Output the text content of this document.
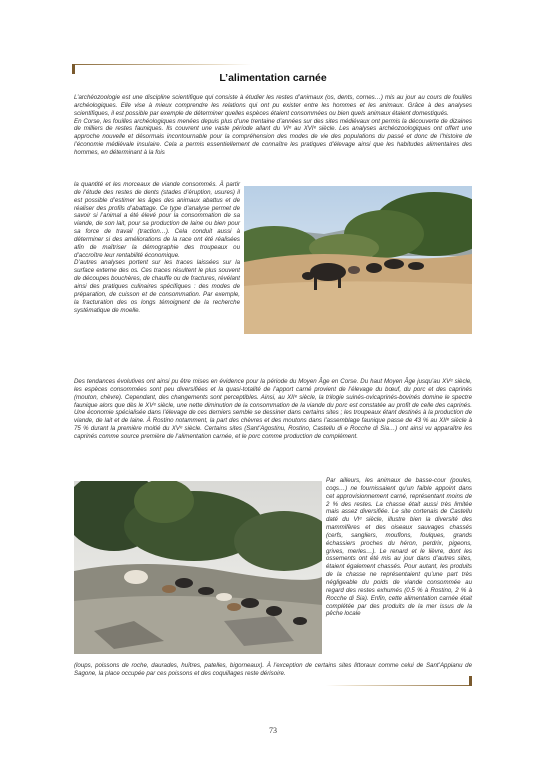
L’alimentation carnée

L’archéozoologie est une discipline scientifique qui consiste à étudier les restes d’animaux (os, dents, cornes…) mis au jour au cours de fouilles archéologiques. Elle vise à mieux comprendre les relations qui ont pu exister entre les hommes et les animaux. Grâce à des analyses scientifiques, il est possible par exemple de déterminer quelles espèces étaient consommées ou bien quels animaux étaient domestiqués.

En Corse, les fouilles archéologiques menées depuis plus d’une trentaine d’années sur des sites médiévaux ont permis la découverte de dizaines de milliers de restes fauniques. Ils couvrent une vaste période allant du VIᵉ au XVIᵉ siècle. Les analyses archéozoologiques ont offert une approche nouvelle et désormais incontournable pour la compréhension des modes de vie des populations du passé et donc de l’histoire de l’économie médiévale insulaire. Cela a permis essentiellement de connaître les pratiques d’élevage ainsi que les habitudes alimentaires des hommes, en déterminant à la fois

la quantité et les morceaux de viande consommés. À partir de l’étude des restes de dents (stades d’éruption, usures) il est possible d’estimer les âges des animaux abattus et de réaliser des profils d’abattage. Ce type d’analyse permet de savoir si l’animal a été élevé pour la consommation de sa viande, de son lait, pour sa production de laine ou bien pour sa force de travail (traction…). Cela conduit aussi à déterminer si des améliorations de la race ont été réalisées afin de maîtriser la démographie des troupeaux ou d’accroître leur rentabilité économique.

D’autres analyses portent sur les traces laissées sur la surface externe des os. Ces traces résultent le plus souvent de découpes bouchères, de chauffe ou de fractures, révélant ainsi des pratiques culinaires spécifiques : des modes de préparation, de cuisson et de consommation. Par exemple, la fracturation des os longs témoignent de la recherche systématique de moelle.

Des tendances évolutives ont ainsi pu être mises en évidence pour la période du Moyen Âge en Corse. Du haut Moyen Âge jusqu’au XVᵉ siècle, les espèces consommées sont peu diversifiées et la quasi-totalité de l’apport carné provient de l’élevage du bœuf, du porc et des caprinés (mouton, chèvre). Cependant, des changements sont perceptibles. Ainsi, au XIIᵉ siècle, la trilogie suinés-ovicaprinés-bovinés domine le spectre faunique alors que dès le XVᵉ siècle, une nette diminution de la consommation de la viande du porc est constatée au profit de celle des caprinés. Une économie spécialisée dans l’élevage de ces derniers semble se dessiner dans certains sites ; les troupeaux étant destinés à la production de viande, de lait et de laine. À Rostino notamment, la part des chèvres et des moutons dans l’assemblage faunique passe de 43 % au XIIᵉ siècle à 75 % durant la première moitié du XVᵉ siècle. Certains sites (Sant’Agostinu, Rostino, Castellu di e Rocche di Sia…) ont ainsi vu apparaître les caprinés comme source première de l’alimentation carnée, et le porc comme production de complément.

Par ailleurs, les animaux de basse-cour (poules, coqs…) ne fournissaient qu’un faible appoint dans cet approvisionnement carné, représentant moins de 2 % des restes. La chasse était aussi très limitée mais assez diversifiée. Le site cortenais de Castellu daté du VIᵉ siècle, illustre bien la diversité des mammifères et des oiseaux sauvages chassés (cerfs, sangliers, mouflons, foulques, grands échassiers proches du héron, perdrix, pigeons, grives, merles…). Le renard et le lièvre, dont les ossements ont été mis au jour dans d’autres sites, étaient également chassés. Pour autant, les produits de la chasse ne représentaient qu’une part très négligeable du poids de viande consommée au regard des restes exhumés (0.5 % à Rostino, 2 % à Rocche di Sia). Enfin, cette alimentation carnée était complétée par des produits de la mer issus de la pêche locale

(loups, poissons de roche, daurades, huîtres, patelles, bigorneaux). À l’exception de certains sites littoraux comme celui de Sant’Appianu de Sagone, la place occupée par ces poissons et des coquillages reste dérisoire.

73
